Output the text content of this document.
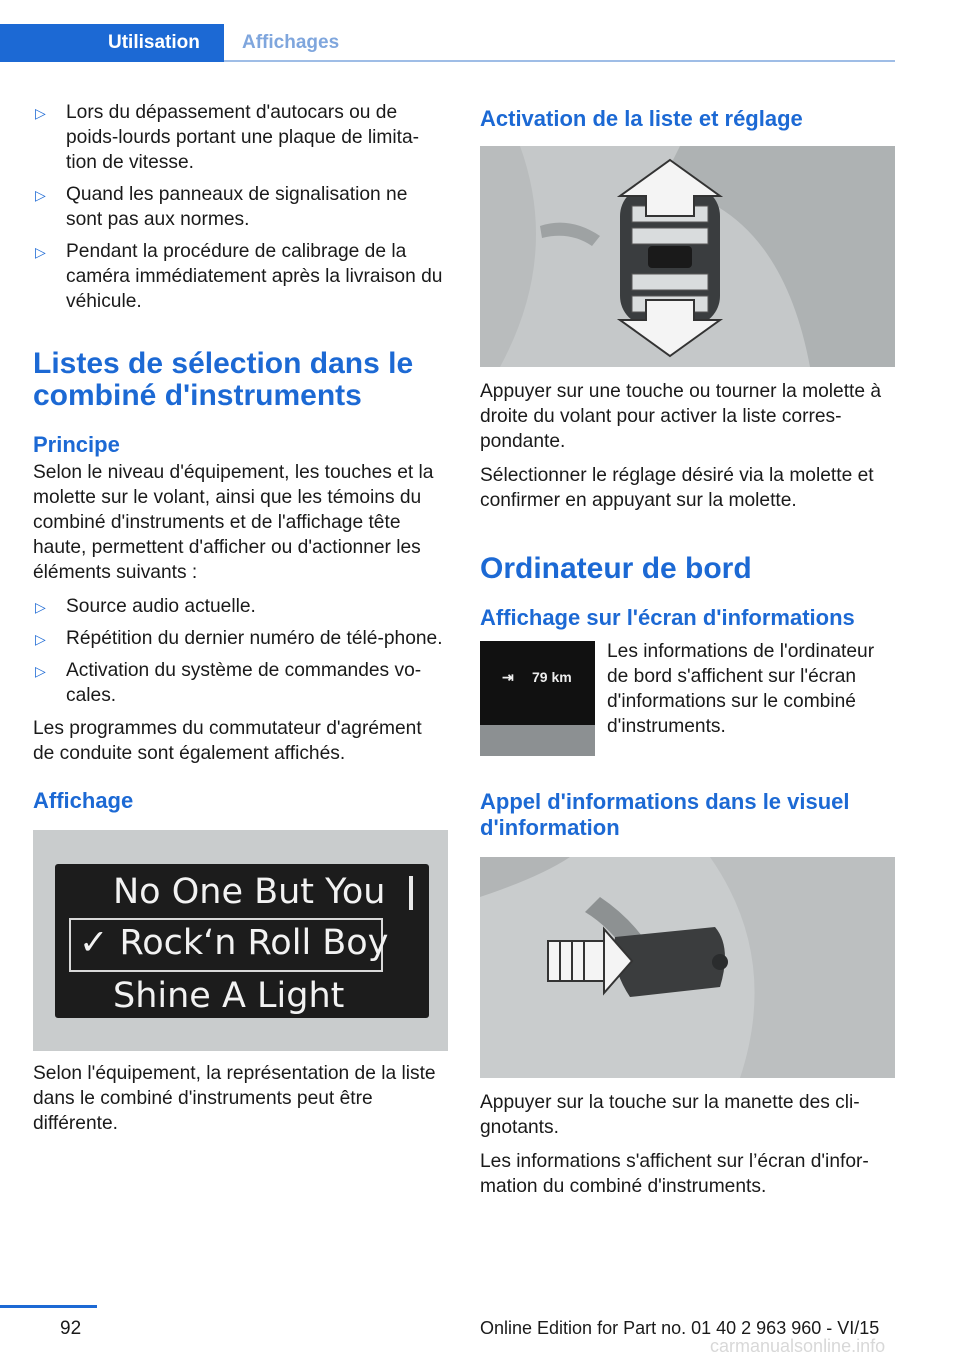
Utilisation Affichages
▷ Lors du dépassement d'autocars ou de poids-lourds portant une plaque de limita-tion de vitesse.
▷ Quand les panneaux de signalisation ne sont pas aux normes.
▷ Pendant la procédure de calibrage de la caméra immédiatement après la livraison du véhicule.
Listes de sélection dans le combiné d'instruments
Principe

Selon le niveau d'équipement, les touches et la molette sur le volant, ainsi que les témoins du combiné d'instruments et de l'affichage tête haute, permettent d'afficher ou d'actionner les éléments suivants :

▷ Source audio actuelle.
▷ Répétition du dernier numéro de télé-phone.
▷ Activation du système de commandes vo-cales.

Les programmes du commutateur d'agrément de conduite sont également affichés.

Affichage
No One But You
✓ Rock‘n Roll Boy
Shine A Light

Selon l'équipement, la représentation de la liste dans le combiné d'instruments peut être différente.

Activation de la liste et réglage

Appuyer sur une touche ou tourner la molette à droite du volant pour activer la liste corres-pondante.

Sélectionner le réglage désiré via la molette et confirmer en appuyant sur la molette.

Ordinateur de bord
Affichage sur l'écran d'informations
⇥ 79 km

Les informations de l'ordinateur de bord s'affichent sur l'écran d'informations sur le combiné d'instruments.

Appel d'informations dans le visuel d'information

Appuyer sur la touche sur la manette des cli-gnotants.

Les informations s'affichent sur l’écran d'infor-mation du combiné d'instruments.

92	Online Edition for Part no. 01 40 2 963 960 - VI/15
carmanualsonline.info
